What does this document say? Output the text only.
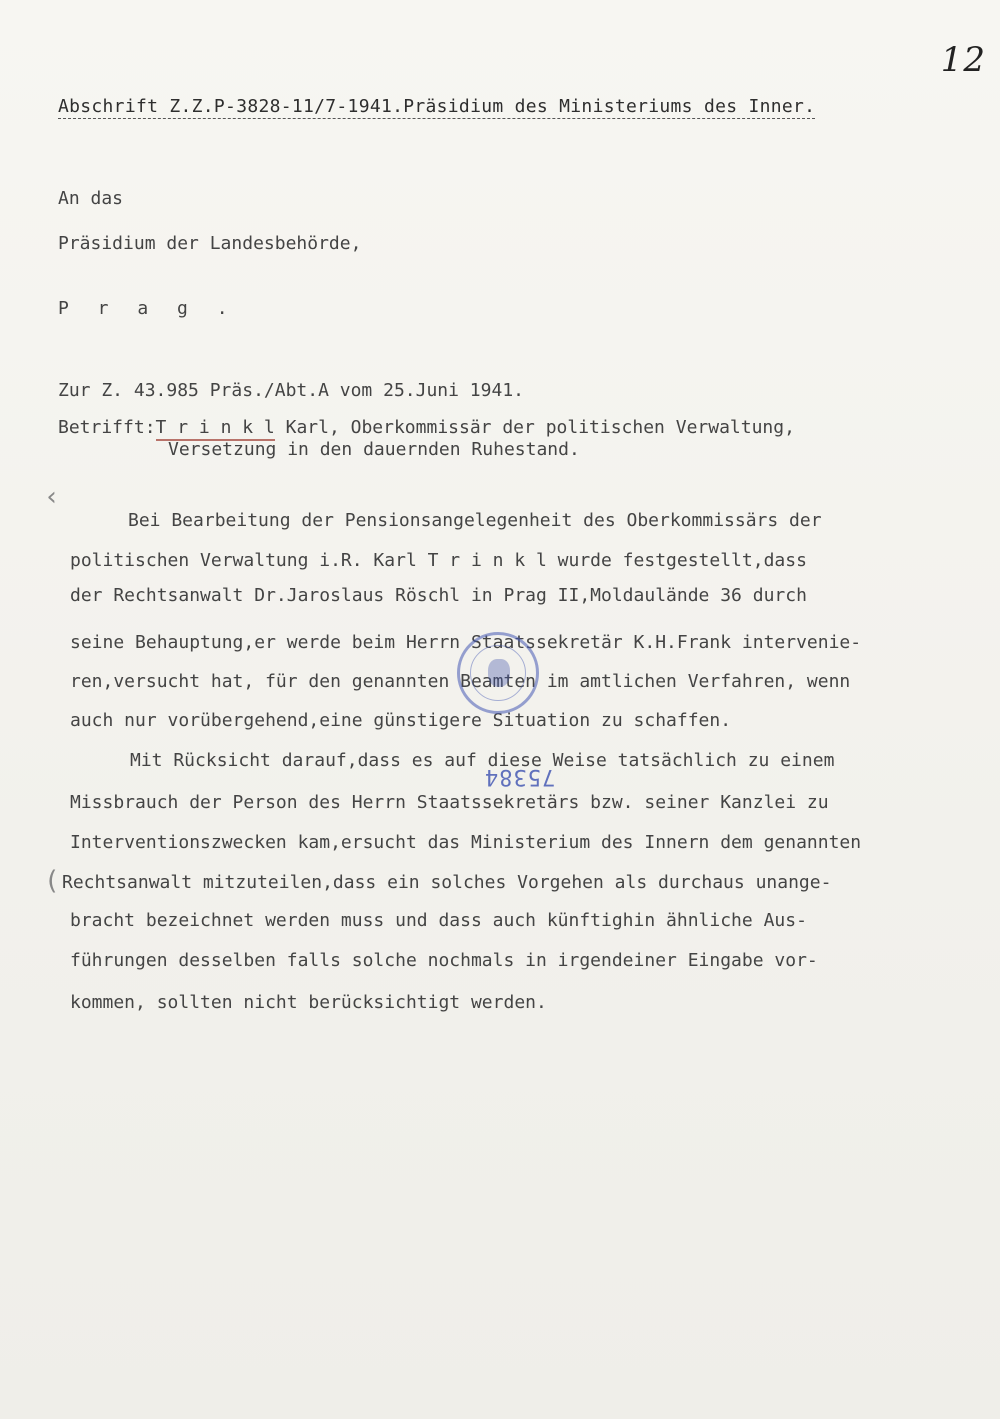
12
Abschrift Z.Z.P-3828-11/7-1941.Präsidium des Ministeriums des Inner.
An das
Präsidium der Landesbehörde,
P r a g .
Zur Z. 43.985 Präs./Abt.A vom 25.Juni 1941.
Betrifft:T r i n k l Karl, Oberkommissär der politischen Verwaltung,
Versetzung in den dauernden Ruhestand.
‹
Bei Bearbeitung der Pensionsangelegenheit des Oberkommissärs der
politischen Verwaltung i.R. Karl T r i n k l wurde festgestellt,dass
der Rechtsanwalt Dr.Jaroslaus Röschl in Prag II,Moldaulände 36 durch
seine Behauptung,er werde beim Herrn Staatssekretär K.H.Frank intervenie-
ren,versucht hat, für den genannten Beamten im amtlichen Verfahren, wenn
auch nur vorübergehend,eine günstigere Situation zu schaffen.
Mit Rücksicht darauf,dass es auf diese Weise tatsächlich zu einem
Missbrauch der Person des Herrn Staatssekretärs bzw. seiner Kanzlei zu
Interventionszwecken kam,ersucht das Ministerium des Innern dem genannten
( Rechtsanwalt mitzuteilen,dass ein solches Vorgehen als durchaus unange-
bracht bezeichnet werden muss und dass auch künftighin ähnliche Aus-
führungen desselben falls solche nochmals in irgendeiner Eingabe vor-
kommen, sollten nicht berücksichtigt werden.
75384
